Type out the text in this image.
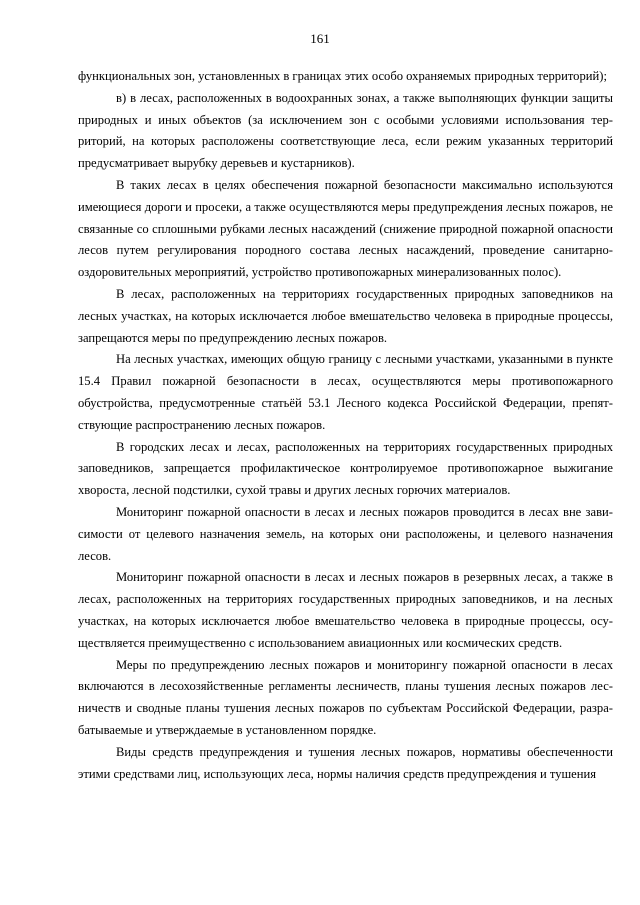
161

функциональных зон, установленных в границах этих особо охраняемых природных территорий);

в) в лесах, расположенных в водоохранных зонах, а также выполняющих функции защиты природных и иных объектов (за исключением зон с особыми условиями использования территорий, на которых расположены соответствующие леса, если режим указанных территорий предусматривает вырубку деревьев и кустарников).

В таких лесах в целях обеспечения пожарной безопасности максимально используются имеющиеся дороги и просеки, а также осуществляются меры предупреждения лесных пожаров, не связанные со сплошными рубками лесных насаждений (снижение природной пожарной опасности лесов путем регулирования породного состава лесных насаждений, проведение санитарно-оздоровительных мероприятий, устройство противопожарных минерализованных полос).

В лесах, расположенных на территориях государственных природных заповедников на лесных участках, на которых исключается любое вмешательство человека в природные процессы, запрещаются меры по предупреждению лесных пожаров.

На лесных участках, имеющих общую границу с лесными участками, указанными в пункте 15.4 Правил пожарной безопасности в лесах, осуществляются меры противопожарного обустройства, предусмотренные статьёй 53.1 Лесного кодекса Российской Федерации, препятствующие распространению лесных пожаров.

В городских лесах и лесах, расположенных на территориях государственных природных заповедников, запрещается профилактическое контролируемое противопожарное выжигание хвороста, лесной подстилки, сухой травы и других лесных горючих материалов.

Мониторинг пожарной опасности в лесах и лесных пожаров проводится в лесах вне зависимости от целевого назначения земель, на которых они расположены, и целевого назначения лесов.

Мониторинг пожарной опасности в лесах и лесных пожаров в резервных лесах, а также в лесах, расположенных на территориях государственных природных заповедников, и на лесных участках, на которых исключается любое вмешательство человека в природные процессы, осуществляется преимущественно с использованием авиационных или космических средств.

Меры по предупреждению лесных пожаров и мониторингу пожарной опасности в лесах включаются в лесохозяйственные регламенты лесничеств, планы тушения лесных пожаров лесничеств и сводные планы тушения лесных пожаров по субъектам Российской Федерации, разрабатываемые и утверждаемые в установленном порядке.

Виды средств предупреждения и тушения лесных пожаров, нормативы обеспеченности этими средствами лиц, использующих леса, нормы наличия средств предупреждения и тушения
